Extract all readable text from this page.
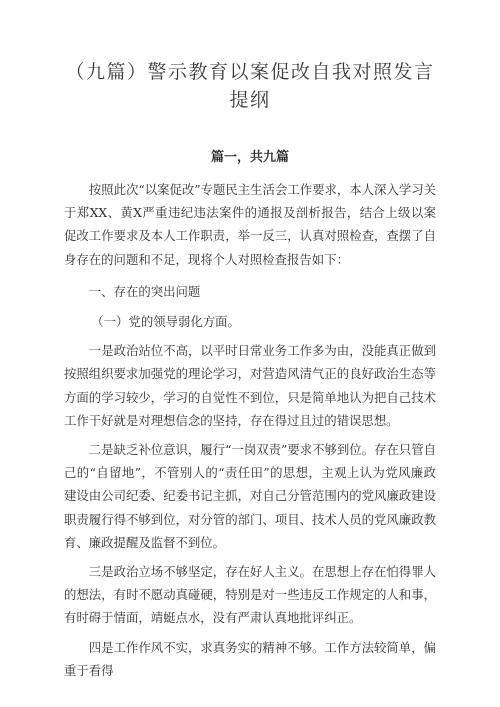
（九篇）警示教育以案促改自我对照发言提纲
篇一，共九篇

按照此次“以案促改”专题民主生活会工作要求，本人深入学习关于郑XX、黄X严重违纪违法案件的通报及剖析报告，结合上级以案促改工作要求及本人工作职责，举一反三，认真对照检查，查摆了自身存在的问题和不足，现将个人对照检查报告如下：

一、存在的突出问题

（一）党的领导弱化方面。

一是政治站位不高，以平时日常业务工作多为由，没能真正做到按照组织要求加强党的理论学习，对营造风清气正的良好政治生态等方面的学习较少，学习的自觉性不到位，只是简单地认为把自己技术工作干好就是对理想信念的坚持，存在得过且过的错误思想。

二是缺乏补位意识，履行“一岗双责”要求不够到位。存在只管自己的“自留地”，不管别人的“责任田”的思想，主观上认为党风廉政建设由公司纪委、纪委书记主抓，对自己分管范围内的党风廉政建设职责履行得不够到位，对分管的部门、项目、技术人员的党风廉政教育、廉政提醒及监督不到位。

三是政治立场不够坚定，存在好人主义。在思想上存在怕得罪人的想法，有时不愿动真碰硬，特别是对一些违反工作规定的人和事，有时碍于情面，靖蜓点水，没有严肃认真地批评纠正。

四是工作作风不实，求真务实的精神不够。工作方法较简单，偏重于看得
